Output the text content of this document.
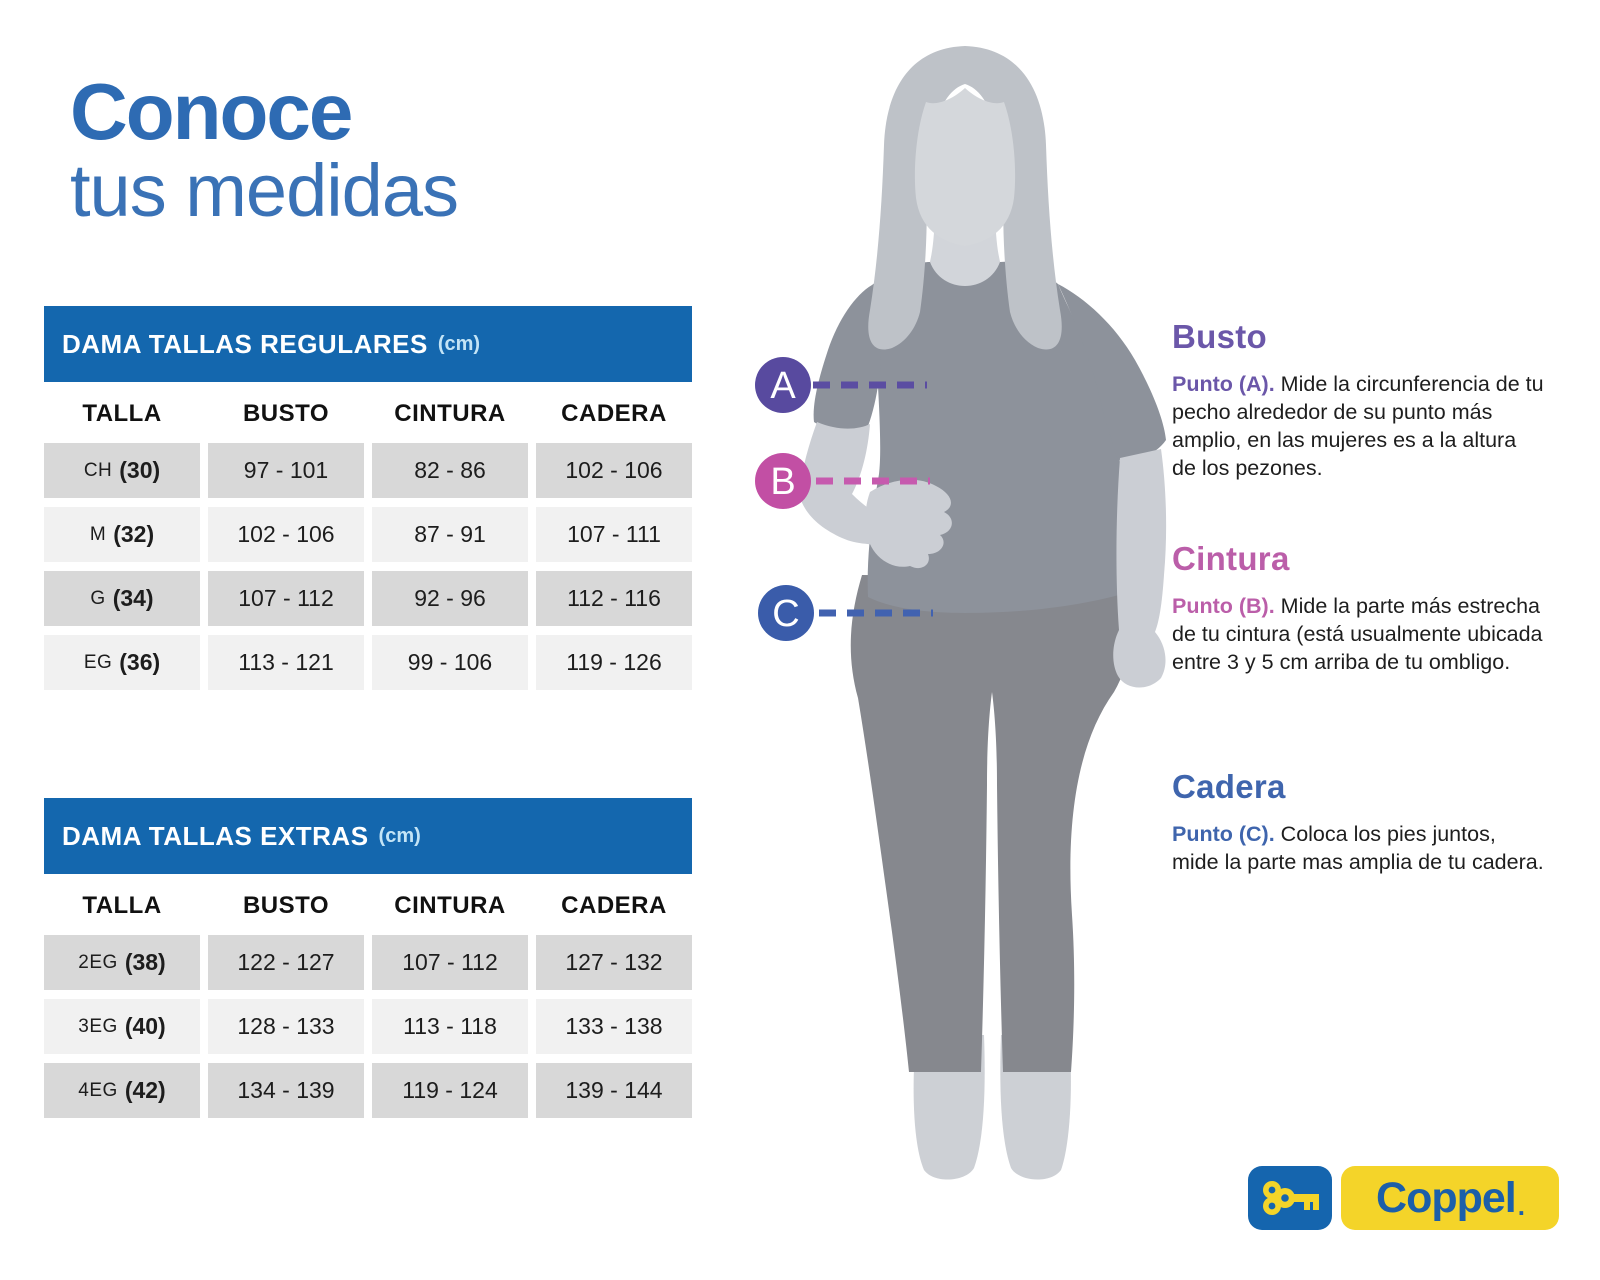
Conoce
tus medidas
DAMA TALLAS REGULARES (cm)
TALLA	BUSTO	CINTURA	CADERA
CH (30)	97 - 101	82 - 86	102 - 106
M (32)	102 - 106	87 - 91	107 - 111
G (34)	107 - 112	92 - 96	112 - 116
EG (36)	113 - 121	99 - 106	119 - 126
DAMA TALLAS EXTRAS (cm)
TALLA	BUSTO	CINTURA	CADERA
2EG (38)	122 - 127	107 - 112	127 - 132
3EG (40)	128 - 133	113 - 118	133 - 138
4EG (42)	134 - 139	119 - 124	139 - 144
A
B
C
Busto

Punto (A). Mide la circunferencia de tu pecho alrededor de su punto más amplio, en las mujeres es a la altura de los pezones.

Cintura

Punto (B). Mide la parte más estrecha de tu cintura (está usualmente ubicada entre 3 y 5 cm arriba de tu ombligo.

Cadera

Punto (C). Coloca los pies juntos, mide la parte mas amplia de tu cadera.

Coppel .
